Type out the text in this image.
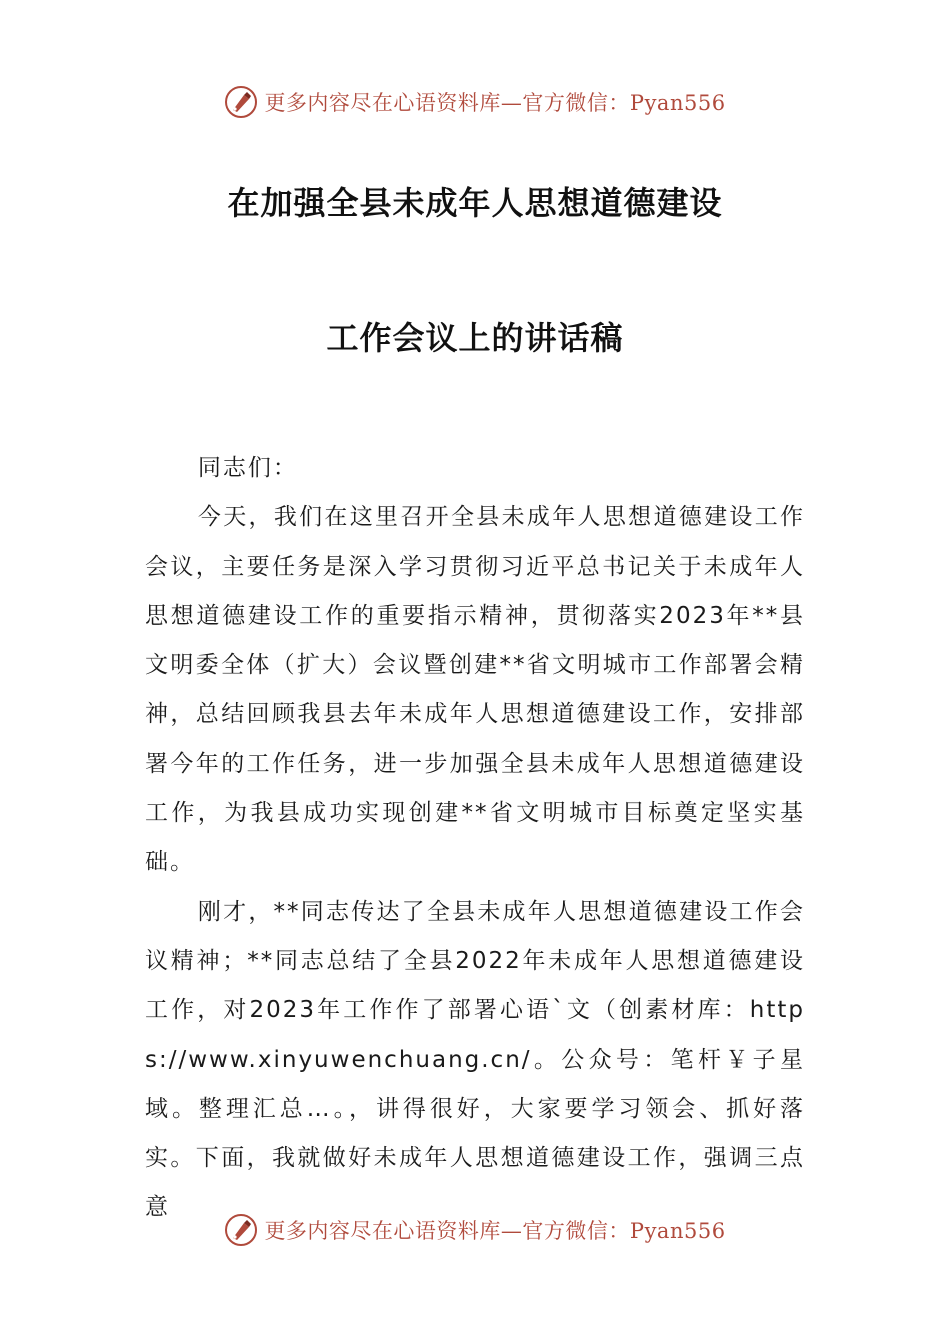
更多内容尽在心语资料库—官方微信：Pyan556
在加强全县未成年人思想道德建设
工作会议上的讲话稿

同志们：

今天，我们在这里召开全县未成年人思想道德建设工作会议，主要任务是深入学习贯彻习近平总书记关于未成年人思想道德建设工作的重要指示精神，贯彻落实2023年**县文明委全体（扩大）会议暨创建**省文明城市工作部署会精神，总结回顾我县去年未成年人思想道德建设工作，安排部署今年的工作任务，进一步加强全县未成年人思想道德建设工作，为我县成功实现创建**省文明城市目标奠定坚实基础。

刚才，**同志传达了全县未成年人思想道德建设工作会议精神；**同志总结了全县2022年未成年人思想道德建设工作，对2023年工作作了部署心语`文（创素材库：https://www.xinyuwenchuang.cn/。公众号：笔杆￥子星域。整理汇总…。，讲得很好，大家要学习领会、抓好落实。下面，我就做好未成年人思想道德建设工作，强调三点意

更多内容尽在心语资料库—官方微信：Pyan556
